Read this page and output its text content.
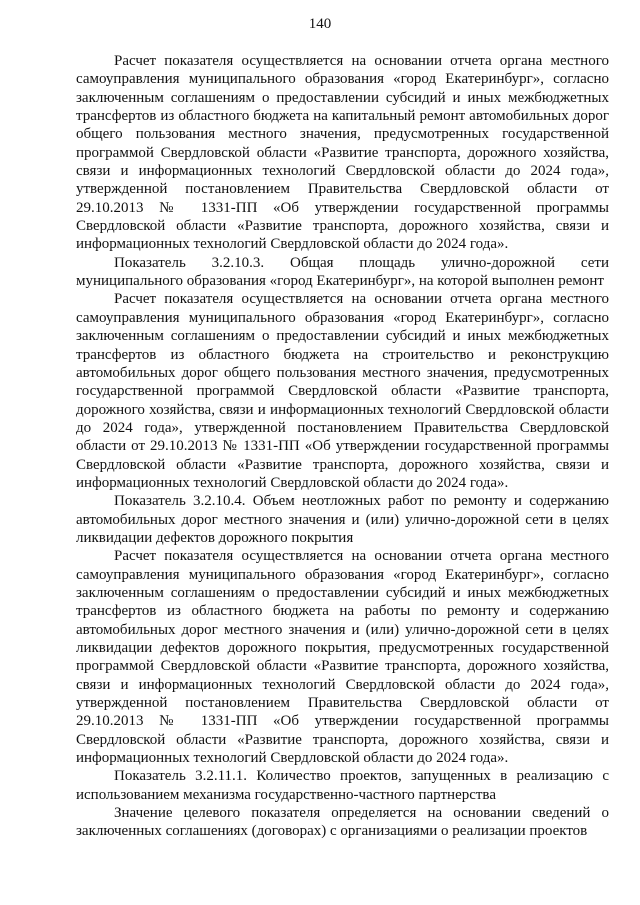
140

Расчет показателя осуществляется на основании отчета органа местного самоуправления муниципального образования «город Екатеринбург», согласно заключенным соглашениям о предоставлении субсидий и иных межбюджетных трансфертов из областного бюджета на капитальный ремонт автомобильных дорог общего пользования местного значения, предусмотренных государственной программой Свердловской области «Развитие транспорта, дорожного хозяйства, связи и информационных технологий Свердловской области до 2024 года», утвержденной постановлением Правительства Свердловской области от 29.10.2013 № 1331-ПП «Об утверждении государственной программы Свердловской области «Развитие транспорта, дорожного хозяйства, связи и информационных технологий Свердловской области до 2024 года».

Показатель 3.2.10.3. Общая площадь улично-дорожной сети муниципального образования «город Екатеринбург», на которой выполнен ремонт

Расчет показателя осуществляется на основании отчета органа местного самоуправления муниципального образования «город Екатеринбург», согласно заключенным соглашениям о предоставлении субсидий и иных межбюджетных трансфертов из областного бюджета на строительство и реконструкцию автомобильных дорог общего пользования местного значения, предусмотренных государственной программой Свердловской области «Развитие транспорта, дорожного хозяйства, связи и информационных технологий Свердловской области до 2024 года», утвержденной постановлением Правительства Свердловской области от 29.10.2013 № 1331-ПП «Об утверждении государственной программы Свердловской области «Развитие транспорта, дорожного хозяйства, связи и информационных технологий Свердловской области до 2024 года».

Показатель 3.2.10.4. Объем неотложных работ по ремонту и содержанию автомобильных дорог местного значения и (или) улично-дорожной сети в целях ликвидации дефектов дорожного покрытия

Расчет показателя осуществляется на основании отчета органа местного самоуправления муниципального образования «город Екатеринбург», согласно заключенным соглашениям о предоставлении субсидий и иных межбюджетных трансфертов из областного бюджета на работы по ремонту и содержанию автомобильных дорог местного значения и (или) улично-дорожной сети в целях ликвидации дефектов дорожного покрытия, предусмотренных государственной программой Свердловской области «Развитие транспорта, дорожного хозяйства, связи и информационных технологий Свердловской области до 2024 года», утвержденной постановлением Правительства Свердловской области от 29.10.2013 № 1331-ПП «Об утверждении государственной программы Свердловской области «Развитие транспорта, дорожного хозяйства, связи и информационных технологий Свердловской области до 2024 года».

Показатель 3.2.11.1. Количество проектов, запущенных в реализацию с использованием механизма государственно-частного партнерства

Значение целевого показателя определяется на основании сведений о заключенных соглашениях (договорах) с организациями о реализации проектов
